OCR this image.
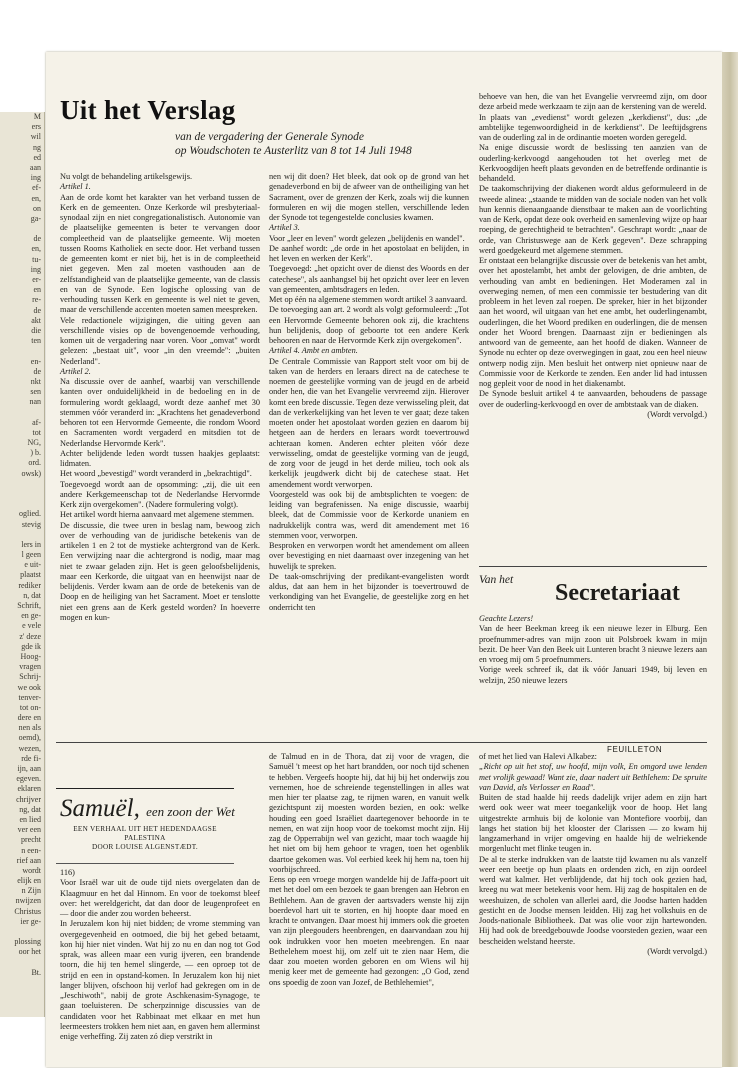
M
ers
wil
ng
ed
aan
ing
ef-
en,
on
ga-
de
en,
tu-
ing
er-
en
re-
de
akt
die
ten
en-
de
nkt
sen
nan
af-
tot
NG,
) b.
ord.
owsk)
oglied.
stevig
lers in
l geen
e uit-
plaatst
rediker
n, dat
Schrift,
en ge-
e vele
z' deze
gde ik
Hoog-
vragen
Schrij-
we ook
tenver-
tot on-
dere en
nen als
oemd),
wezen,
rde fi-
ijn, aan
egeven.
eklaren
chrijver
ng, dat
en lied
ver een
precht
n een-
rief aan
wordt
elijk en
n Zijn
nwijzen
Christus
ier ge-
plossing
oor het
Bt.
Uit het Verslag
van de vergadering der Generale Synode
op Woudschoten te Austerlitz van 8 tot 14 Juli 1948

Nu volgt de behandeling artikelsgewijs.

Artikel 1.

Aan de orde komt het karakter van het verband tussen de Kerk en de gemeenten. Onze Kerkorde wil presbyteriaal-synodaal zijn en niet congregationalistisch. Autonomie van de plaatselijke gemeenten is beter te vervangen door compleetheid van de plaatselijke gemeente. Wij moeten tussen Rooms Katholiek en secte door. Het verband tussen de gemeenten komt er niet bij, het is in de compleetheid niet gegeven. Men zal moeten vasthouden aan de zelfstandigheid van de plaatselijke gemeente, van de classis en van de Synode. Een logische oplossing van de verhouding tussen Kerk en gemeente is wel niet te geven, maar de verschillende accenten moeten samen meespreken.

Vele redactionele wijzigingen, die uiting geven aan verschillende visies op de bovengenoemde verhouding, komen uit de vergadering naar voren. Voor „omvat" wordt gelezen: „bestaat uit", voor „in den vreemde": „buiten Nederland".

Artikel 2.

Na discussie over de aanhef, waarbij van verschillende kanten over onduidelijkheid in de bedoeling en in de formulering wordt geklaagd, wordt deze aanhef met 30 stemmen vóór veranderd in: „Krachtens het genadeverbond behoren tot een Hervormde Gemeente, die rondom Woord en Sacramenten wordt vergaderd en mitsdien tot de Nederlandse Hervormde Kerk".

Achter belijdende leden wordt tussen haakjes geplaatst: lidmaten.

Het woord „bevestigd" wordt veranderd in „bekrachtigd".

Toegevoegd wordt aan de opsomming: „zij, die uit een andere Kerkgemeenschap tot de Nederlandse Hervormde Kerk zijn overgekomen". (Nadere formulering volgt).

Het artikel wordt hierna aanvaard met algemene stemmen.

De discussie, die twee uren in beslag nam, bewoog zich over de verhouding van de juridische betekenis van de artikelen 1 en 2 tot de mystieke achtergrond van de Kerk. Een verwijzing naar die achtergrond is nodig, maar mag niet te zwaar geladen zijn. Het is geen geloofsbelijdenis, maar een Kerkorde, die uitgaat van en heenwijst naar de belijdenis. Verder kwam aan de orde de betekenis van de Doop en de heiliging van het Sacrament. Moet er tenslotte niet een grens aan de Kerk gesteld worden? In hoeverre mogen en kun-

nen wij dit doen? Het bleek, dat ook op de grond van het genadeverbond en bij de afweer van de ontheiliging van het Sacrament, over de grenzen der Kerk, zoals wij die kunnen formuleren en wij die mogen stellen, verschillende leden der Synode tot tegengestelde conclusies kwamen.

Artikel 3.

Voor „leer en leven" wordt gelezen „belijdenis en wandel".

De aanhef wordt: „de orde in het apostolaat en belijden, in het leven en werken der Kerk".

Toegevoegd: „het opzicht over de dienst des Woords en der catechese", als aanhangsel bij het opzicht over leer en leven van gemeenten, ambtsdragers en leden.

Met op één na algemene stemmen wordt artikel 3 aanvaard.

De toevoeging aan art. 2 wordt als volgt geformuleerd: „Tot een Hervormde Gemeente behoren ook zij, die krachtens hun belijdenis, doop of geboorte tot een andere Kerk behooren en naar de Hervormde Kerk zijn overgekomen".

Artikel 4. Ambt en ambten.

De Centrale Commissie van Rapport stelt voor om bij de taken van de herders en leraars direct na de catechese te noemen de geestelijke vorming van de jeugd en de arbeid onder hen, die van het Evangelie vervreemd zijn. Hierover komt een brede discussie. Tegen deze verwisseling pleit, dat dan de verkerkelijking van het leven te ver gaat; deze taken moeten onder het apostolaat worden gezien en daarom bij hetgeen aan de herders en leraars wordt toevertrouwd achteraan komen. Anderen echter pleiten vóór deze verwisseling, omdat de geestelijke vorming van de jeugd, de zorg voor de jeugd in het derde milieu, toch ook als kerkelijk jeugdwerk dicht bij de catechese staat. Het amendement wordt verworpen.

Voorgesteld was ook bij de ambtsplichten te voegen: de leiding van begrafenissen. Na enige discussie, waarbij bleek, dat de Commissie voor de Kerkorde unaniem en nadrukkelijk contra was, werd dit amendement met 16 stemmen voor, verworpen.

Besproken en verworpen wordt het amendement om alleen over bevestiging en niet daarnaast over inzegening van het huwelijk te spreken.

De taak-omschrijving der predikant-evangelisten wordt aldus, dat aan hem in het bijzonder is toevertrouwd de verkondiging van het Evangelie, de geestelijke zorg en het onderricht ten

behoeve van hen, die van het Evangelie vervreemd zijn, om door deze arbeid mede werkzaam te zijn aan de kerstening van de wereld.

In plaats van „evedienst" wordt gelezen „kerkdienst", dus: „de ambtelijke tegenwoordigheid in de kerkdienst". De leeftijdsgrens van de ouderling zal in de ordinantie moeten worden geregeld.

Na enige discussie wordt de beslissing ten aanzien van de ouderling-kerkvoogd aangehouden tot het overleg met de Kerkvoogdijen heeft plaats gevonden en de betreffende ordinantie is behandeld.

De taakomschrijving der diakenen wordt aldus geformuleerd in de tweede alinea: „staande te midden van de sociale noden van het volk hun kennis dienaangaande dienstbaar te maken aan de voorlichting van de Kerk, opdat deze ook overheid en samenleving wijze op haar roeping, de gerechtigheid te betrachten". Geschrapt wordt: „naar de orde, van Christuswege aan de Kerk gegeven". Deze schrapping werd goedgekeurd met algemene stemmen.

Er ontstaat een belangrijke discussie over de betekenis van het ambt, over het apostelambt, het ambt der gelovigen, de drie ambten, de verhouding van ambt en bedieningen. Het Moderamen zal in overweging nemen, of men een commissie ter bestudering van dit probleem in het leven zal roepen. De spreker, hier in het bijzonder aan het woord, wil uitgaan van het ene ambt, het ouderlingenambt, ouderlingen, die het Woord prediken en ouderlingen, die de mensen onder het Woord brengen. Daarnaast zijn er bedieningen als antwoord van de gemeente, aan het hoofd de diaken. Wanneer de Synode nu echter op deze overwegingen in gaat, zou een heel nieuw ontwerp nodig zijn. Men besluit het ontwerp niet opnieuw naar de Commissie voor de Kerkorde te zenden. Een ander lid had intussen nog gepleit voor de nood in het diakenambt.

De Synode besluit artikel 4 te aanvaarden, behoudens de passage over de ouderling-kerkvoogd en over de ambtstaak van de diaken.

(Wordt vervolgd.)

Van het Secretariaat

Geachte Lezers!

Van de heer Beekman kreeg ik een nieuwe lezer in Elburg. Een proefnummer-adres van mijn zoon uit Polsbroek kwam in mijn bezit. De heer Van den Beek uit Lunteren bracht 3 nieuwe lezers aan en vroeg mij om 5 proefnummers.

Vorige week schreef ik, dat ik vóór Januari 1949, bij leven en welzijn, 250 nieuwe lezers

FEUILLETON
Samuël, een zoon der Wet
EEN VERHAAL UIT HET HEDENDAAGSE
PALESTINA
DOOR LOUISE ALGENSTÆDT.

116)

Voor Israël war uit de oude tijd niets overgelaten dan de Klaagmuur en het dal Hinnom. En voor de toekomst bleef over: het wereldgericht, dat dan door de leugenprofeet en — door die ander zou worden beheerst.

In Jeruzalem kon hij niet bidden; de vrome stemming van overgegevenheid en ootmoed, die bij het gebed betaamt, kon hij hier niet vinden. Wat hij zo nu en dan nog tot God sprak, was alleen maar een vurig ijveren, een brandende toorn, die hij ten hemel slingerde, — een oproep tot de strijd en een in opstand-komen. In Jeruzalem kon hij niet langer blijven, ofschoon hij verlof had gekregen om in de „Jeschiwoth", nabij de grote Aschkenasim-Synagoge, te gaan toeluisteren. De scherpzinnige discussies van de candidaten voor het Rabbinaat met elkaar en met hun leermeesters trokken hem niet aan, en gaven hem allerminst enige verheffing. Zij zaten zó diep verstrikt in

de Talmud en in de Thora, dat zij voor de vragen, die Samuël 't meest op het hart brandden, oor noch tijd schenen te hebben. Vergeefs hoopte hij, dat hij bij het onderwijs zou vernemen, hoe de schreiende tegenstellingen in alles wat men hier ter plaatse zag, te rijmen waren, en vanuit welk gezichtspunt zij moesten worden bezien, en ook: welke houding een goed Israëliet daartegenover behoorde in te nemen, en wat zijn hoop voor de toekomst mocht zijn. Hij zag de Opperrabijn wel van gezicht, maar toch waagde hij het niet om bij hem gehoor te vragen, toen het ogenblik daartoe gekomen was. Vol eerbied keek hij hem na, toen hij voorbijschreed.

Eens op een vroege morgen wandelde hij de Jaffa-poort uit met het doel om een bezoek te gaan brengen aan Hebron en Bethlehem. Aan de graven der aartsvaders wenste hij zijn boerdevol hart uit te storten, en hij hoopte daar moed en kracht te ontvangen. Daar moest hij immers ook die groeten van zijn pleegouders heenbrengen, en daarvandaan zou hij ook indrukken voor hen moeten meebrengen. En naar Bethelehem moest hij, om zelf uit te zien naar Hem, die daar zou moeten worden geboren en om Wiens wil hij menig keer met de gemeente had gezongen: „O God, zend ons spoedig de zoon van Jozef, de Bethlehemiet",

of met het lied van Halevi Alkabez:

„Richt op uit het stof, uw hoofd, mijn volk, En omgord uwe lenden met vrolijk gewaad! Want zie, daar nadert uit Bethlehem: De spruite van David, als Verlosser en Raad".

Buiten de stad haalde hij reeds dadelijk vrijer adem en zijn hart werd ook weer wat meer toegankelijk voor de hoop. Het lang uitgestrekte armhuis bij de kolonie van Montefiore voorbij, dan langs het station bij het klooster der Clarissen — zo kwam hij langzamerhand in vrijer omgeving en haalde hij de welriekende morgenlucht met flinke teugen in.

De al te sterke indrukken van de laatste tijd kwamen nu als vanzelf weer een beetje op hun plaats en ordenden zich, en zijn oordeel werd wat kalmer. Het verblijdende, dat hij toch ook gezien had, kreeg nu wat meer betekenis voor hem. Hij zag de hospitalen en de weeshuizen, de scholen van allerlei aard, die Joodse harten hadden gesticht en de Joodse mensen leidden. Hij zag het volkshuis en de Joods-nationale Bibliotheek. Dat was olie voor zijn hartewonden. Hij had ook de breedgebouwde Joodse voorsteden gezien, waar een bescheiden welstand heerste.

(Wordt vervolgd.)
